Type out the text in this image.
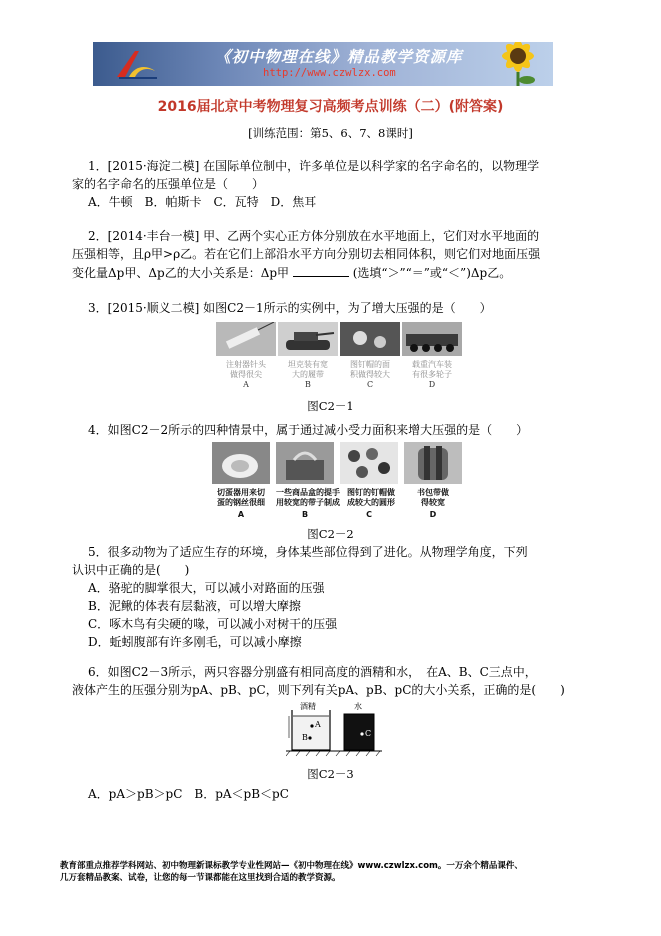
《初中物理在线》精品教学资源库
http://www.czwlzx.com
2016届北京中考物理复习高频考点训练（二）(附答案)
[训练范围：第5、6、7、8课时]
1．[2015·海淀二模] 在国际单位制中，许多单位是以科学家的名字命名的，以物理学
家的名字命名的压强单位是（　　）
A．牛顿　B．帕斯卡　C．瓦特　D．焦耳
2．[2014·丰台一模] 甲、乙两个实心正方体分别放在水平地面上，它们对水平地面的
压强相等，且ρ甲>ρ乙。若在它们上部沿水平方向分别切去相同体积，则它们对地面压强
变化量Δp甲、Δp乙的大小关系是：Δp甲	(选填“＞”“＝”或“＜”)Δp乙。
3．[2015·顺义二模] 如图C2－1所示的实例中，为了增大压强的是（　　）
注射器针头
做得很尖
坦克装有宽
大的履带
图钉帽的面
积做得较大
载重汽车装
有很多轮子
A	B	C	D
图C2－1
4．如图C2－2所示的四种情景中，属于通过减小受力面积来增大压强的是（　　）
切蛋器用来切
蛋的钢丝很细
一些商品盒的提手
用较宽的带子制成
图钉的钉帽做
成较大的圆形
书包带做
得较宽
A	B	C	D
图C2－2
5．很多动物为了适应生存的环境，身体某些部位得到了进化。从物理学角度，下列
认识中正确的是(　　)
A．骆驼的脚掌很大，可以减小对路面的压强
B．泥鳅的体表有层黏液，可以增大摩擦
C．啄木鸟有尖硬的喙，可以减小对树干的压强
D．蚯蚓腹部有许多刚毛，可以减小摩擦
6．如图C2－3所示，两只容器分别盛有相同高度的酒精和水，　在A、B、C三点中，
液体产生的压强分别为pA、pB、pC，则下列有关pA、pB、pC的大小关系，正确的是(　　)
酒精	水
A
B	C
图C2－3
A．pA＞pB＞pC　B．pA＜pB＜pC
教育部重点推荐学科网站、初中物理新课标教学专业性网站—《初中物理在线》www.czwlzx.com。一万余个精品课件、
几万套精品教案、试卷，让您的每一节课都能在这里找到合适的教学资源。
